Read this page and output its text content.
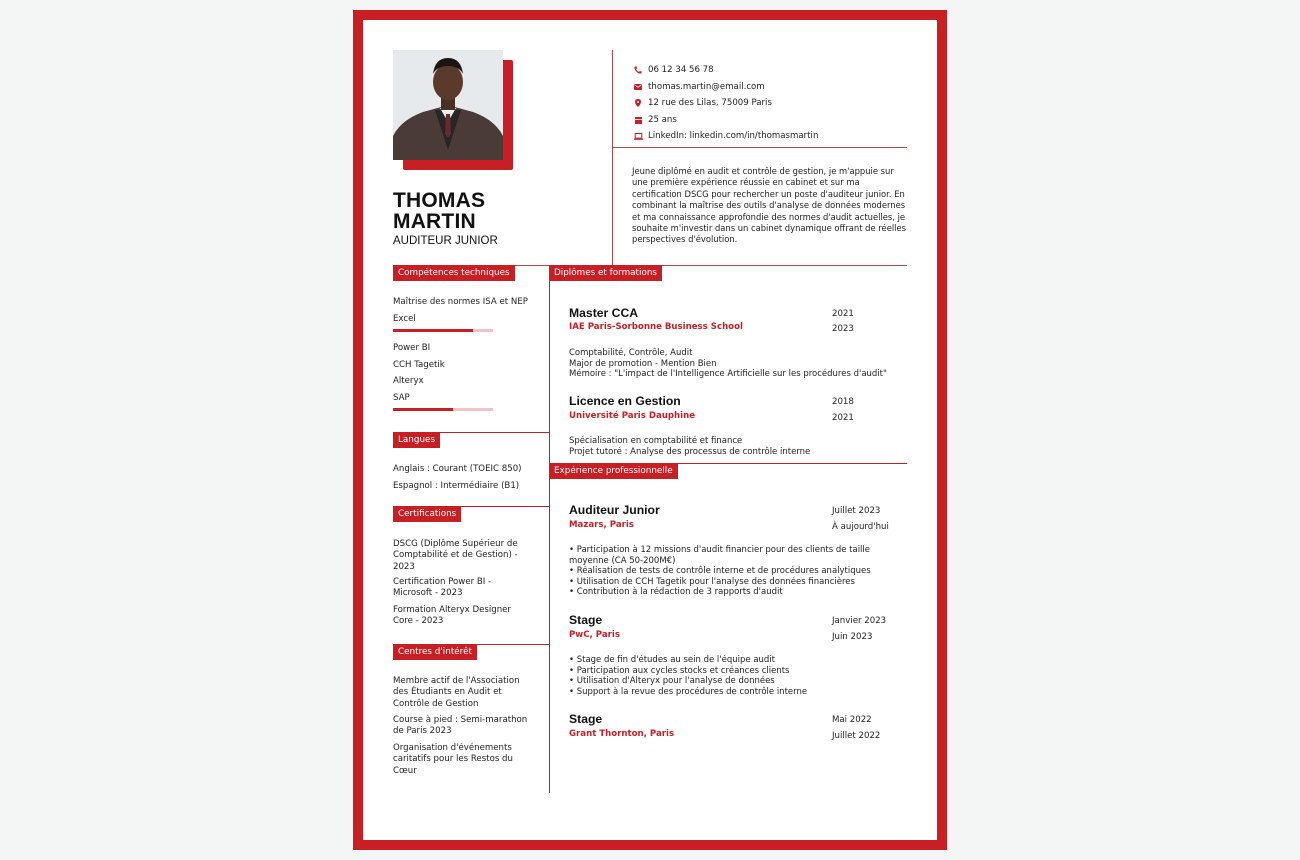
THOMAS
MARTIN
AUDITEUR JUNIOR
06 12 34 56 78
thomas.martin@email.com
12 rue des Lilas, 75009 Paris
25 ans
LinkedIn: linkedin.com/in/thomasmartin
Jeune diplômé en audit et contrôle de gestion, je m'appuie sur une première expérience réussie en cabinet et sur ma certification DSCG pour rechercher un poste d'auditeur junior. En combinant la maîtrise des outils d'analyse de données modernes et ma connaissance approfondie des normes d'audit actuelles, je souhaite m'investir dans un cabinet dynamique offrant de réelles perspectives d'évolution.
Compétences techniques
Maîtrise des normes ISA et NEP
Excel
Power BI
CCH Tagetik
Alteryx
SAP
Langues
Anglais : Courant (TOEIC 850)
Espagnol : Intermédiaire (B1)
Certifications
DSCG (Diplôme Supérieur de Comptabilité et de Gestion) - 2023
Certification Power BI - Microsoft - 2023
Formation Alteryx Designer Core - 2023
Centres d'intérêt
Membre actif de l'Association des Étudiants en Audit et Contrôle de Gestion
Course à pied : Semi-marathon de Paris 2023
Organisation d'événements caritatifs pour les Restos du Cœur
Diplômes et formations
Master CCA
IAE Paris-Sorbonne Business School
2021
2023
Comptabilité, Contrôle, Audit
Major de promotion - Mention Bien
Mémoire : "L'impact de l'Intelligence Artificielle sur les procédures d'audit"
Licence en Gestion
Université Paris Dauphine
2018
2021
Spécialisation en comptabilité et finance
Projet tutoré : Analyse des processus de contrôle interne
Expérience professionnelle
Auditeur Junior
Mazars, Paris
Juillet 2023
À aujourd'hui
• Participation à 12 missions d'audit financier pour des clients de taille moyenne (CA 50-200M€)
• Réalisation de tests de contrôle interne et de procédures analytiques
• Utilisation de CCH Tagetik pour l'analyse des données financières
• Contribution à la rédaction de 3 rapports d'audit
Stage
PwC, Paris
Janvier 2023
Juin 2023
• Stage de fin d'études au sein de l'équipe audit
• Participation aux cycles stocks et créances clients
• Utilisation d'Alteryx pour l'analyse de données
• Support à la revue des procédures de contrôle interne
Stage
Grant Thornton, Paris
Mai 2022
Juillet 2022
